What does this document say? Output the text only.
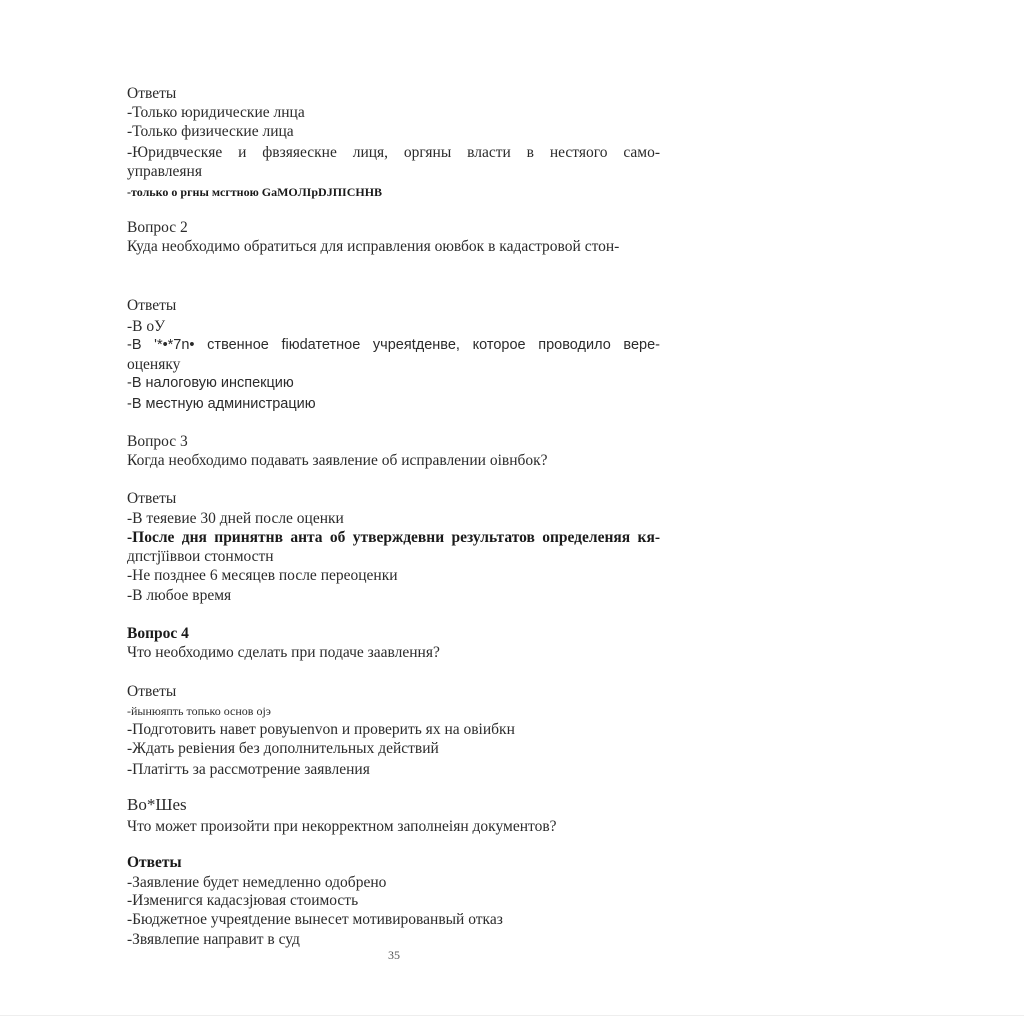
Ответы
-Только юридические лнца
-Только физические лица
-Юридвческяе и фвзяяескне лиця, оргяны власти в нестяого само-
управлеяня
-только о ргны мсгтною GaMOЛIpDJПICHНВ
Вопрос 2
Куда необходимо обратиться для исправления оювбок в кадастровой стон-
Ответы
-В оУ
-В '*•*7n• ственное fiюdатетное учреяtденве, которое проводило вере-
оценяку
-В налоговую инспекцию
-В местную администрацию
Вопрос 3
Когда необходимо подавать заявление об исправлении оівнбок?
Ответы
-В теяевие 30 дней после оценки
-После дня принятнв анта об утверждевни результатов определеняя кя-
дпстjїiввои стонмостн
-Не позднее 6 месяцев после переоценки
-В любое время
Вопрос 4
Что необходимо сделать при подаче заавлення?
Ответы
-йынюяпть топько основ оjэ
-Подготовить навет ровуыenvon и проверить ях на овiибкн
-Ждать ревіения без дополнительных действий
-Платiгть за рассмотрение заявления
Во*Шеs
Что может произойти при некорректном заполнеіян документов?
Ответы
-Заявление будет немедленно одобрено
-Изменигся кадасзjювая стоимость
-Бюджетное учреяtдение вынесет мотивированвый отказ
-Звявлепие направит в суд
35
